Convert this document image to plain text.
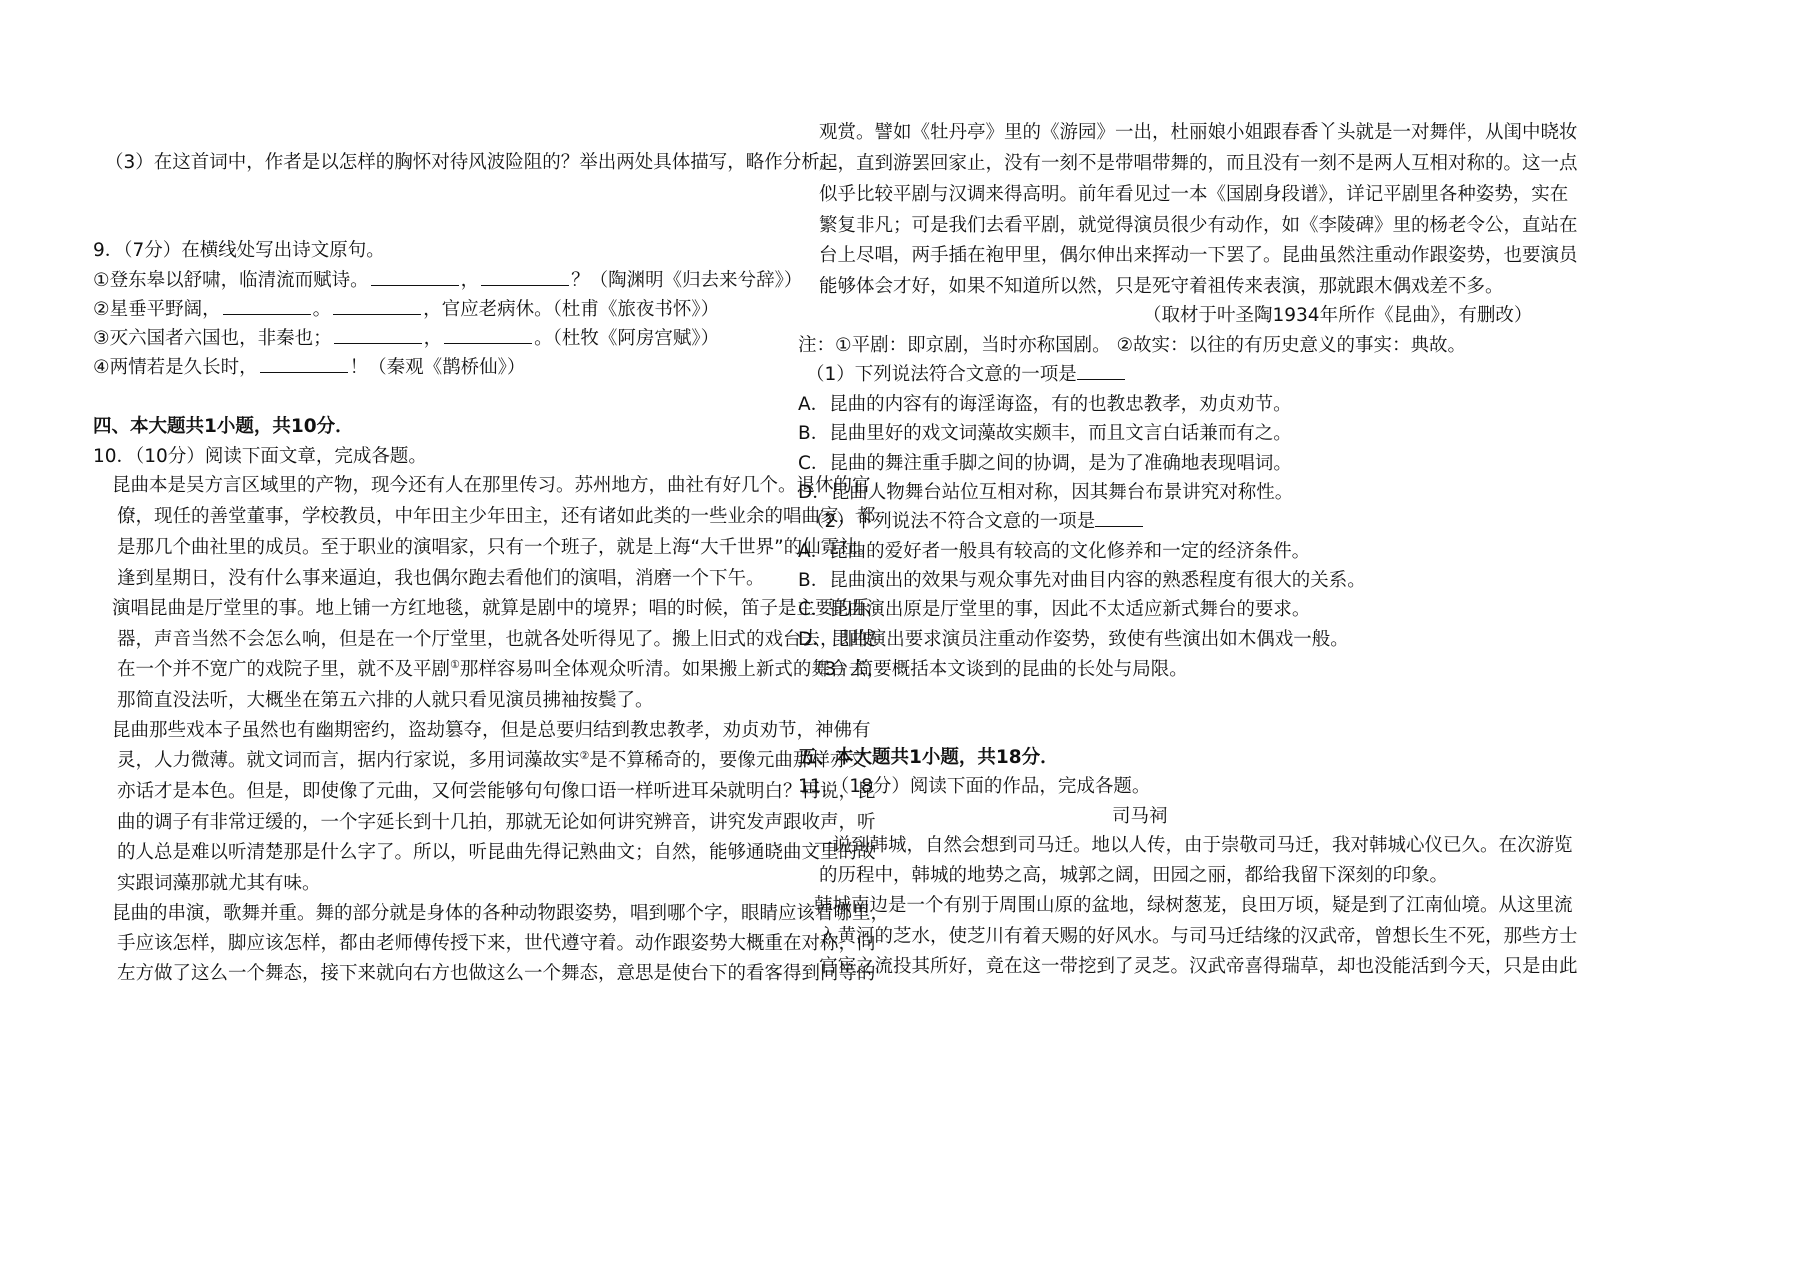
（3）在这首词中，作者是以怎样的胸怀对待风波险阻的？举出两处具体描写，略作分析。
9．（7分）在横线处写出诗文原句。
①登东皋以舒啸，临清流而赋诗。	，	？（陶渊明《归去来兮辞》）
②星垂平野阔，	。	，官应老病休。（杜甫《旅夜书怀》）
③灭六国者六国也，非秦也；	，	。（杜牧《阿房宫赋》）
④两情若是久长时，	！（秦观《鹊桥仙》）
四、本大题共1小题，共10分．
10．（10分）阅读下面文章，完成各题。
昆曲本是吴方言区域里的产物，现今还有人在那里传习。苏州地方，曲社有好几个。退休的官
僚，现任的善堂董事，学校教员，中年田主少年田主，还有诸如此类的一些业余的唱曲家，都
是那几个曲社里的成员。至于职业的演唱家，只有一个班子，就是上海“大千世界”的仙霓社。
逢到星期日，没有什么事来逼迫，我也偶尔跑去看他们的演唱，消磨一个下午。
演唱昆曲是厅堂里的事。地上铺一方红地毯，就算是剧中的境界；唱的时候，笛子是主要的乐
器，声音当然不会怎么响，但是在一个厅堂里，也就各处听得见了。搬上旧式的戏台去，即使
在一个并不宽广的戏院子里，就不及平剧①那样容易叫全体观众听清。如果搬上新式的舞台去，
那简直没法听，大概坐在第五六排的人就只看见演员拂袖按鬓了。
昆曲那些戏本子虽然也有幽期密约，盗劫篡夺，但是总要归结到教忠教孝，劝贞劝节，神佛有
灵，人力微薄。就文词而言，据内行家说，多用词藻故实②是不算稀奇的，要像元曲那样亦文
亦话才是本色。但是，即使像了元曲，又何尝能够句句像口语一样听进耳朵就明白？再说，昆
曲的调子有非常迂缓的，一个字延长到十几拍，那就无论如何讲究辨音，讲究发声跟收声，听
的人总是难以听清楚那是什么字了。所以，听昆曲先得记熟曲文；自然，能够通晓曲文里的故
实跟词藻那就尤其有味。
昆曲的串演，歌舞并重。舞的部分就是身体的各种动物跟姿势，唱到哪个字，眼睛应该看哪里，
手应该怎样，脚应该怎样，都由老师傅传授下来，世代遵守着。动作跟姿势大概重在对称，向
左方做了这么一个舞态，接下来就向右方也做这么一个舞态，意思是使台下的看客得到同等的
观赏。譬如《牡丹亭》里的《游园》一出，杜丽娘小姐跟春香丫头就是一对舞伴，从闺中晓妆
起，直到游罢回家止，没有一刻不是带唱带舞的，而且没有一刻不是两人互相对称的。这一点
似乎比较平剧与汉调来得高明。前年看见过一本《国剧身段谱》，详记平剧里各种姿势，实在
繁复非凡；可是我们去看平剧，就觉得演员很少有动作，如《李陵碑》里的杨老令公，直站在
台上尽唱，两手插在袍甲里，偶尔伸出来挥动一下罢了。昆曲虽然注重动作跟姿势，也要演员
能够体会才好，如果不知道所以然，只是死守着祖传来表演，那就跟木偶戏差不多。
（取材于叶圣陶1934年所作《昆曲》，有删改）
注：①平剧：即京剧，当时亦称国剧。 ②故实：以往的有历史意义的事实：典故。
（1）下列说法符合文意的一项是
A．昆曲的内容有的诲淫诲盗，有的也教忠教孝，劝贞劝节。
B．昆曲里好的戏文词藻故实颇丰，而且文言白话兼而有之。
C．昆曲的舞注重手脚之间的协调，是为了准确地表现唱词。
D．昆曲人物舞台站位互相对称，因其舞台布景讲究对称性。
（2）下列说法不符合文意的一项是
A．昆曲的爱好者一般具有较高的文化修养和一定的经济条件。
B．昆曲演出的效果与观众事先对曲目内容的熟悉程度有很大的关系。
C．昆曲演出原是厅堂里的事，因此不太适应新式舞台的要求。
D．昆曲演出要求演员注重动作姿势，致使有些演出如木偶戏一般。
（3）简要概括本文谈到的昆曲的长处与局限。
五、本大题共1小题，共18分．
11．（18分）阅读下面的作品，完成各题。
司马祠
一说到韩城，自然会想到司马迁。地以人传，由于崇敬司马迁，我对韩城心仪已久。在次游览
的历程中，韩城的地势之高，城郭之阔，田园之丽，都给我留下深刻的印象。
韩城南边是一个有别于周围山原的盆地，绿树葱茏，良田万顷，疑是到了江南仙境。从这里流
入黄河的芝水，使芝川有着天赐的好风水。与司马迁结缘的汉武帝，曾想长生不死，那些方士
官宦之流投其所好，竟在这一带挖到了灵芝。汉武帝喜得瑞草，却也没能活到今天，只是由此
